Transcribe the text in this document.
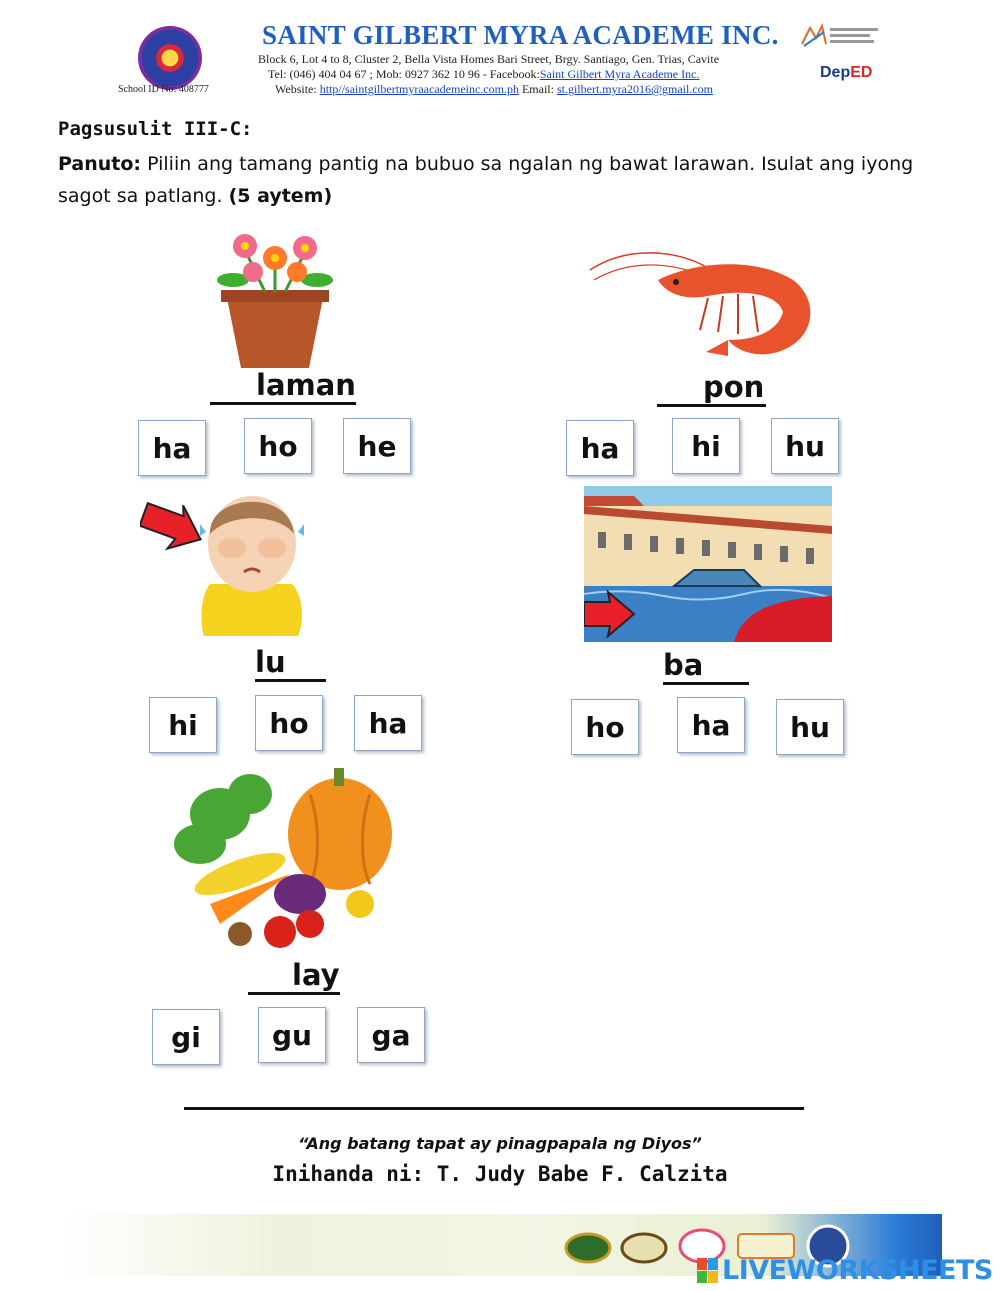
School ID No: 408777
SAINT GILBERT MYRA ACADEME INC.
Block 6, Lot 4 to 8, Cluster 2, Bella Vista Homes Bari Street, Brgy. Santiago, Gen. Trias, Cavite
Tel: (046) 404 04 67 ; Mob: 0927 362 10 96 - Facebook:Saint Gilbert Myra Academe Inc.
Website: http//saintgilbertmyraacademeinc.com.ph Email: st.gilbert.myra2016@gmail.com
DepED
Pagsusulit III-C:
Panuto: Piliin ang tamang pantig na bubuo sa ngalan ng bawat larawan. Isulat ang iyong sagot sa patlang. (5 aytem)
laman
ha	ho	he
pon
ha	hi	hu
lu
hi	ho	ha
ba
ho	ha	hu
lay
gi	gu	ga
“Ang batang tapat ay pinagpapala ng Diyos”
Inihanda ni: T. Judy Babe F. Calzita
LIVEWORKSHEETS
